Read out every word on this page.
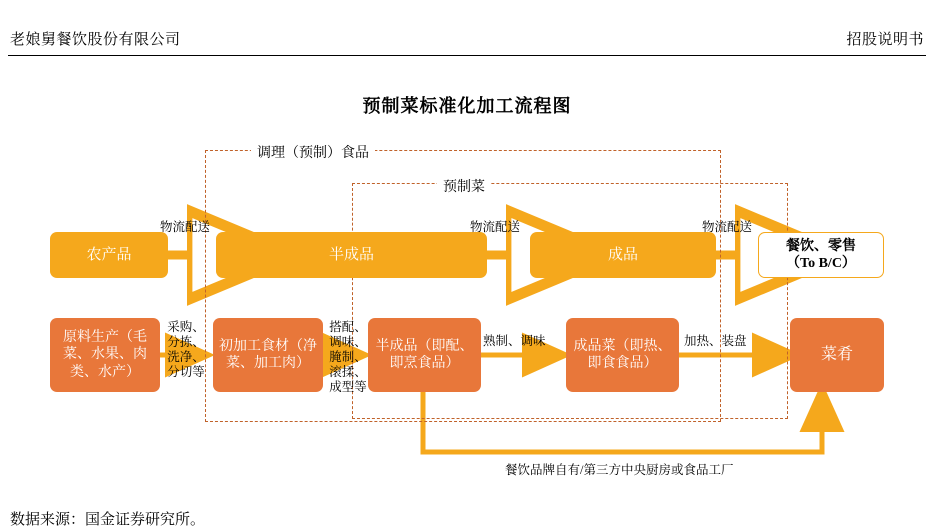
老娘舅餐饮股份有限公司	招股说明书
预制菜标准化加工流程图
调理（预制）食品
预制菜
农产品	半成品	成品
餐饮、零售
（To B/C）
物流配送	物流配送	物流配送
原料生产（毛菜、水果、肉类、水产）
初加工食材（净菜、加工肉）
半成品（即配、即烹食品）
成品菜（即热、即食食品）
菜肴
采购、分拣、洗净、分切等
搭配、调味、腌制、滚揉、成型等
熟制、调味	加热、装盘
餐饮品牌自有/第三方中央厨房或食品工厂
数据来源：国金证券研究所。
